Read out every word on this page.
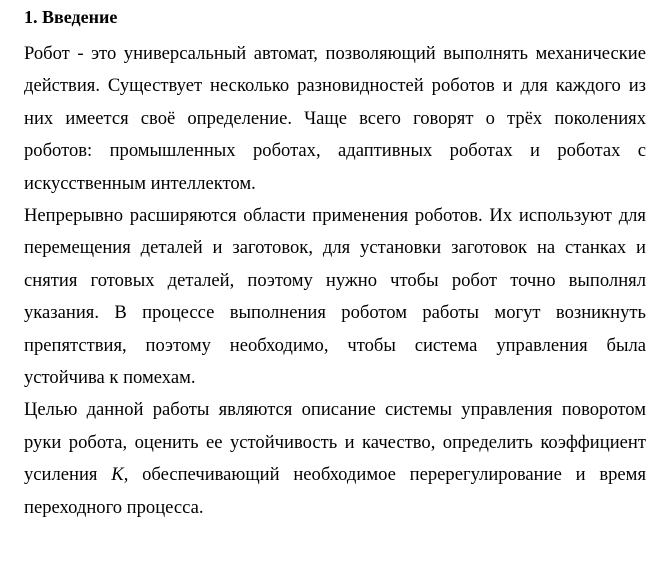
1. Введение

Робот - это универсальный автомат, позволяющий выполнять механические
действия. Существует несколько разновидностей роботов и для каждого из
них имеется своё определение. Чаще всего говорят о трёх поколениях
роботов: промышленных роботах, адаптивных роботах и роботах с
искусственным интеллектом.

Непрерывно расширяются области применения роботов. Их используют для
перемещения деталей и заготовок, для установки заготовок на станках и
снятия готовых деталей, поэтому нужно чтобы робот точно выполнял
указания. В процессе выполнения роботом работы могут возникнуть
препятствия, поэтому необходимо, чтобы система управления была
устойчива к помехам.

Целью данной работы являются описание системы управления поворотом
руки робота, оценить ее устойчивость и качество, определить коэффициент
усиления K, обеспечивающий необходимое перерегулирование и время
переходного процесса.
